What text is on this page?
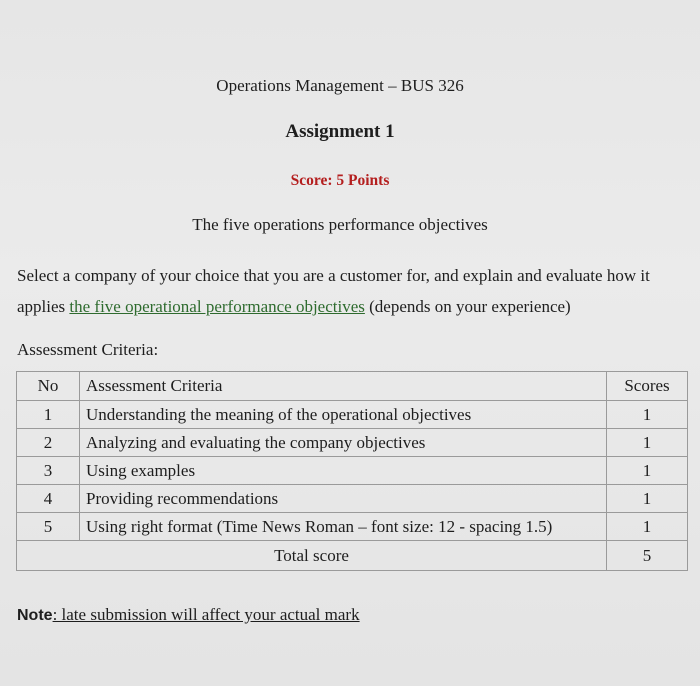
Operations Management – BUS 326
Assignment 1
Score: 5 Points
The five operations performance objectives
Select a company of your choice that you are a customer for, and explain and evaluate how it applies the five operational performance objectives (depends on your experience)
Assessment Criteria:
No	Assessment Criteria	Scores
1	Understanding the meaning of the operational objectives	1
2	Analyzing and evaluating the company objectives	1
3	Using examples	1
4	Providing recommendations	1
5	Using right format (Time News Roman – font size: 12 - spacing 1.5)	1
Total score		5
Note: late submission will affect your actual mark
